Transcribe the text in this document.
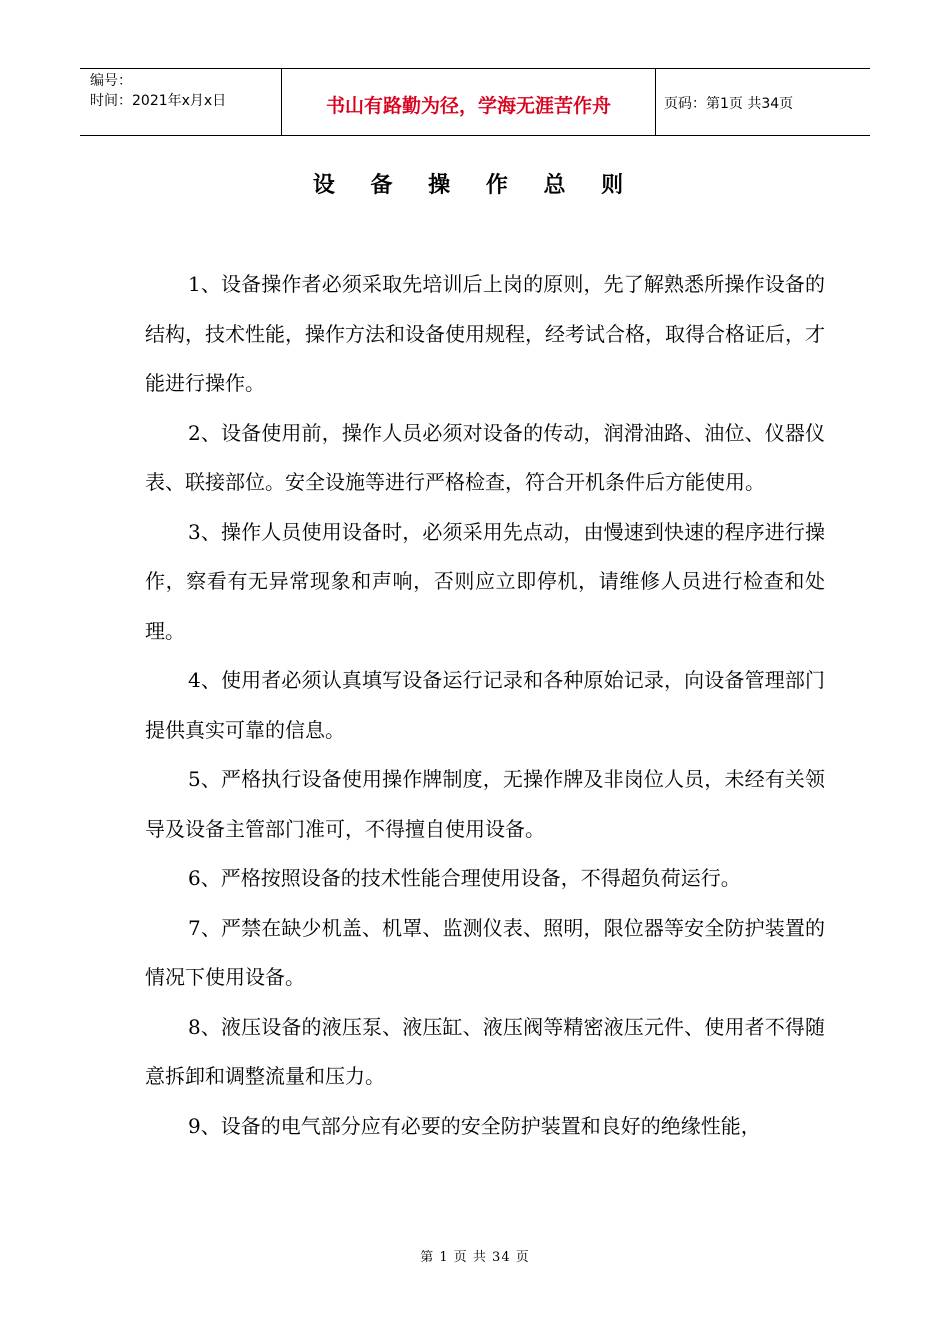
编号：
时间：2021年x月x日	书山有路勤为径，学海无涯苦作舟	页码：第1页 共34页
设 备 操 作 总 则

1、设备操作者必须采取先培训后上岗的原则，先了解熟悉所操作设备的结构，技术性能，操作方法和设备使用规程，经考试合格，取得合格证后，才能进行操作。

2、设备使用前，操作人员必须对设备的传动，润滑油路、油位、仪器仪表、联接部位。安全设施等进行严格检查，符合开机条件后方能使用。

3、操作人员使用设备时，必须采用先点动，由慢速到快速的程序进行操作，察看有无异常现象和声响，否则应立即停机，请维修人员进行检查和处理。

4、使用者必须认真填写设备运行记录和各种原始记录，向设备管理部门提供真实可靠的信息。

5、严格执行设备使用操作牌制度，无操作牌及非岗位人员，未经有关领导及设备主管部门准可，不得擅自使用设备。

6、严格按照设备的技术性能合理使用设备，不得超负荷运行。

7、严禁在缺少机盖、机罩、监测仪表、照明，限位器等安全防护装置的情况下使用设备。

8、液压设备的液压泵、液压缸、液压阀等精密液压元件、使用者不得随意拆卸和调整流量和压力。

9、设备的电气部分应有必要的安全防护装置和良好的绝缘性能，

第 1 页 共 34 页
